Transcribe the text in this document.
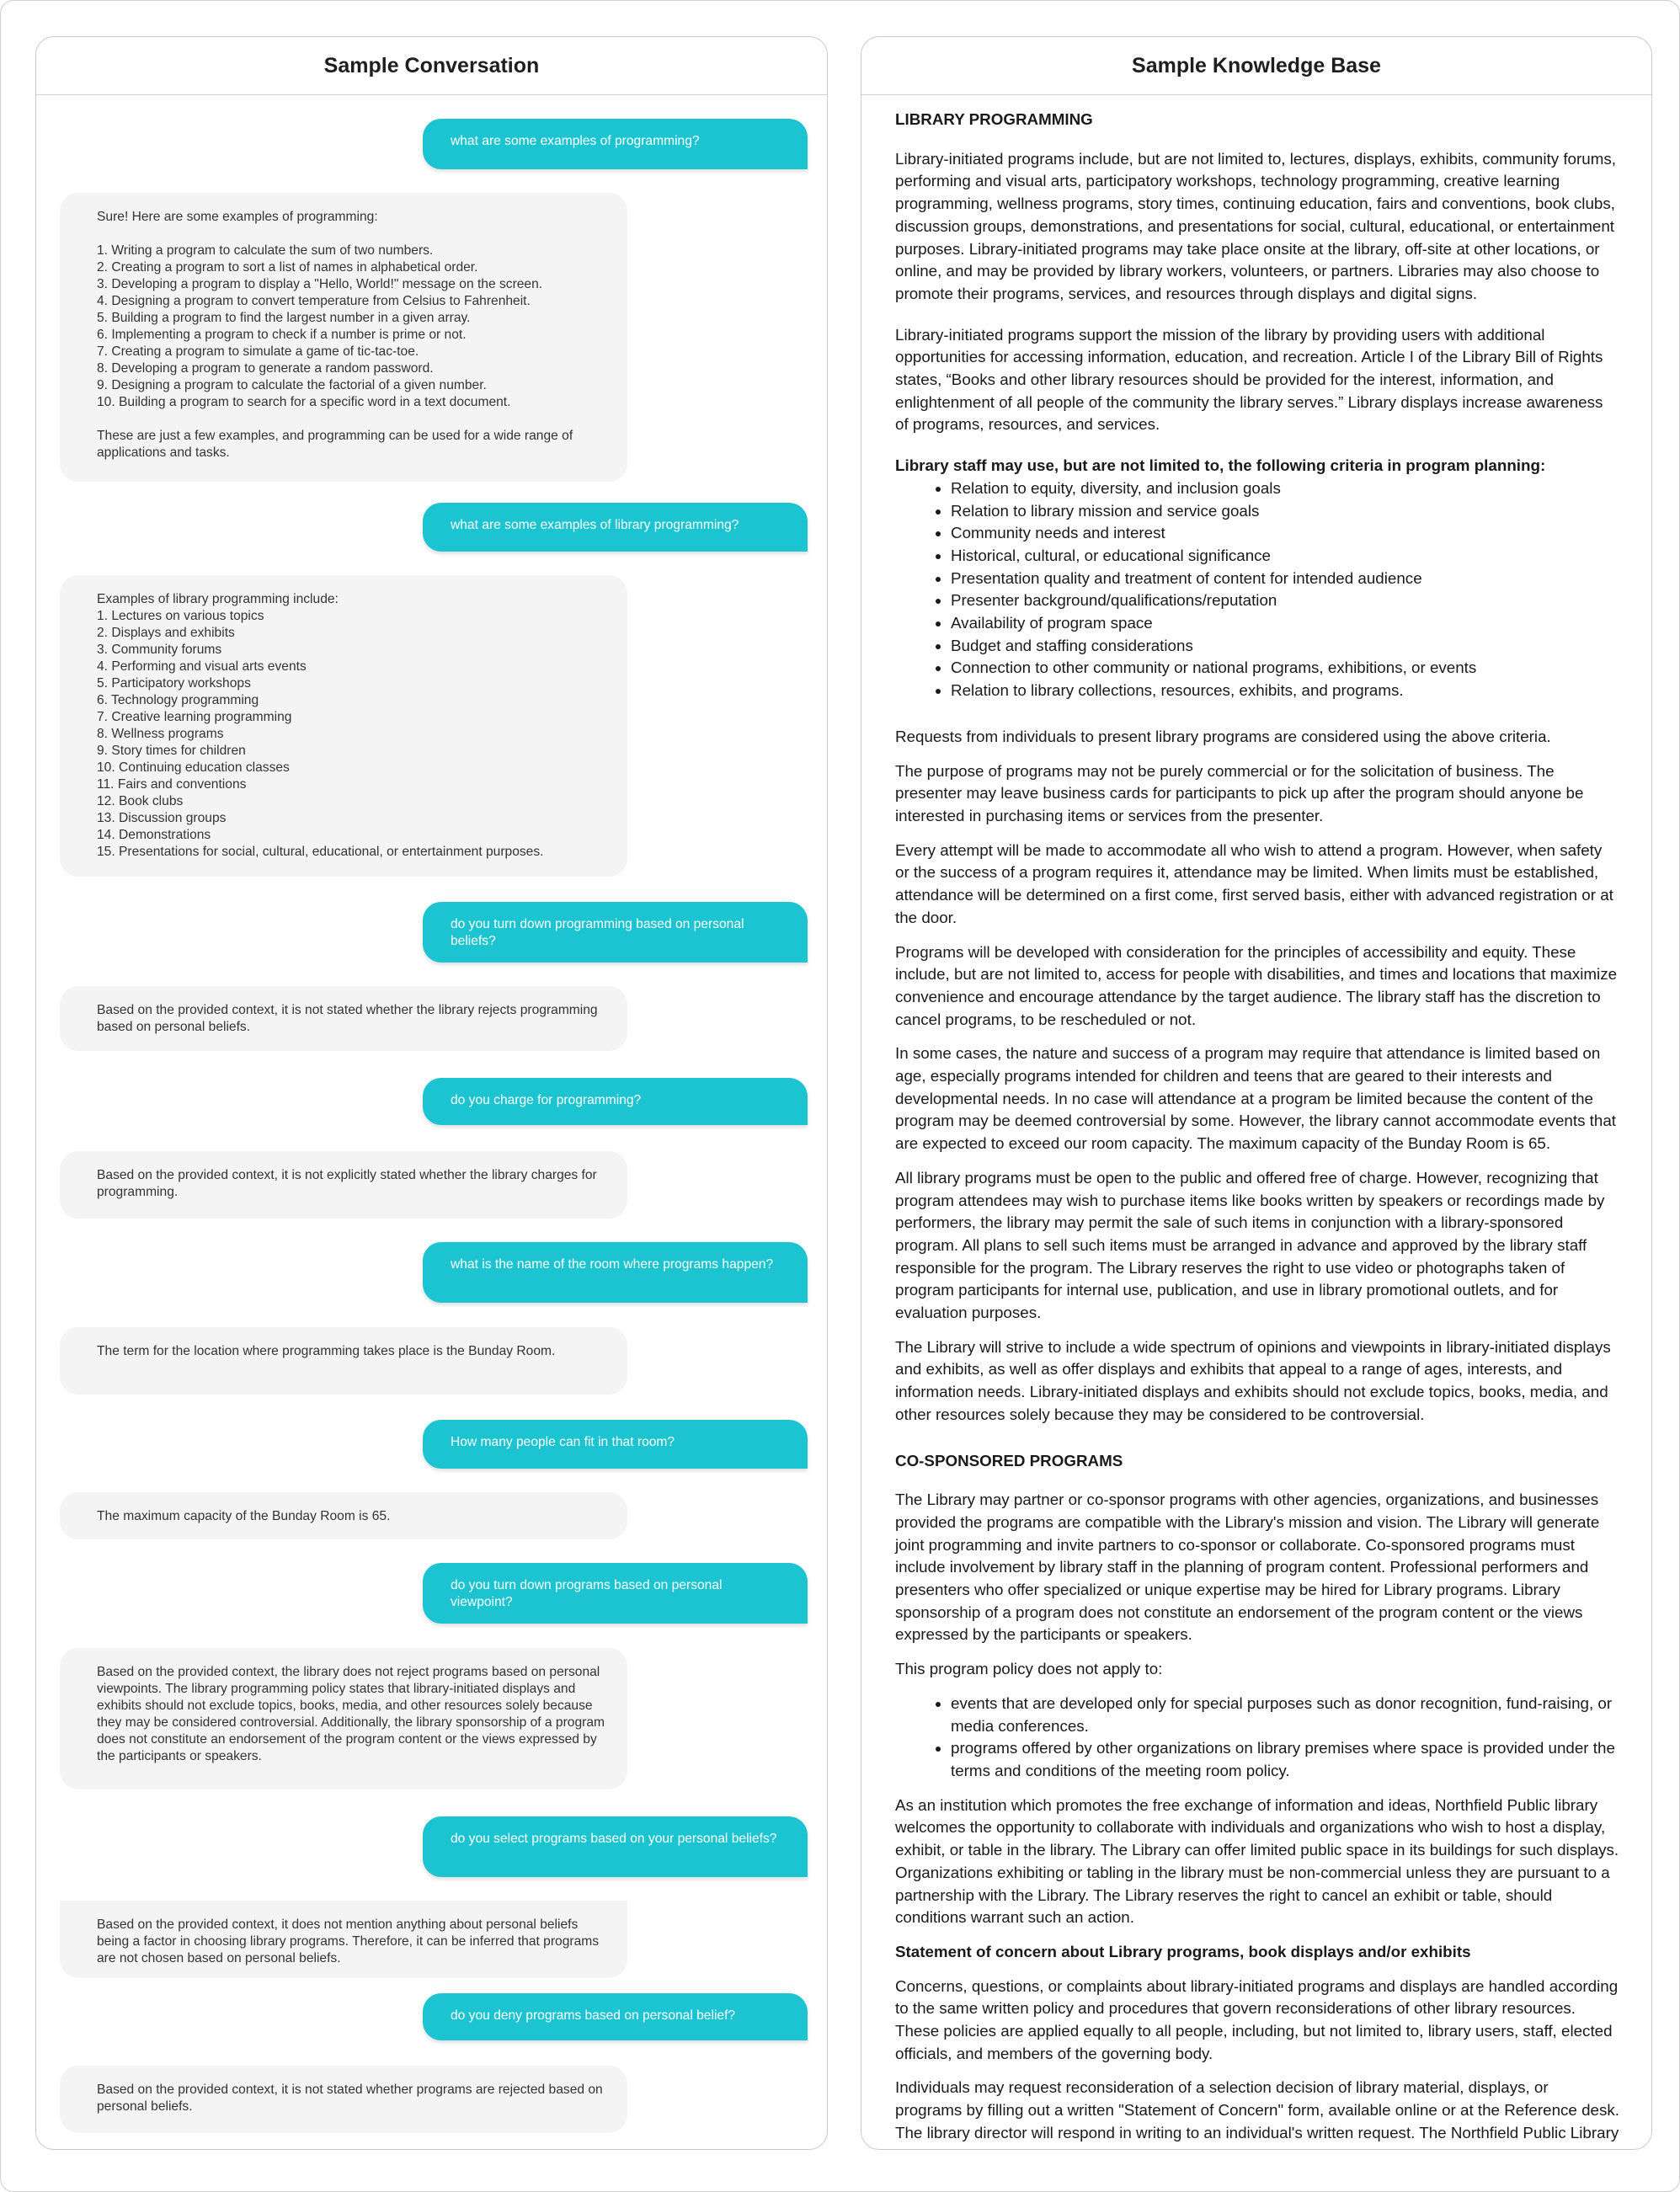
Sample Conversation
what are some examples of programming?
Sure! Here are some examples of programming:

1. Writing a program to calculate the sum of two numbers.
2. Creating a program to sort a list of names in alphabetical order.
3. Developing a program to display a "Hello, World!" message on the screen.
4. Designing a program to convert temperature from Celsius to Fahrenheit.
5. Building a program to find the largest number in a given array.
6. Implementing a program to check if a number is prime or not.
7. Creating a program to simulate a game of tic-tac-toe.
8. Developing a program to generate a random password.
9. Designing a program to calculate the factorial of a given number.
10. Building a program to search for a specific word in a text document.

These are just a few examples, and programming can be used for a wide range of applications and tasks.
what are some examples of library programming?
Examples of library programming include:
1. Lectures on various topics
2. Displays and exhibits
3. Community forums
4. Performing and visual arts events
5. Participatory workshops
6. Technology programming
7. Creative learning programming
8. Wellness programs
9. Story times for children
10. Continuing education classes
11. Fairs and conventions
12. Book clubs
13. Discussion groups
14. Demonstrations
15. Presentations for social, cultural, educational, or entertainment purposes.
do you turn down programming based on personal beliefs?
Based on the provided context, it is not stated whether the library rejects programming based on personal beliefs.
do you charge for programming?
Based on the provided context, it is not explicitly stated whether the library charges for programming.
what is the name of the room where programs happen?
The term for the location where programming takes place is the Bunday Room.
How many people can fit in that room?
The maximum capacity of the Bunday Room is 65.
do you turn down programs based on personal viewpoint?
Based on the provided context, the library does not reject programs based on personal viewpoints. The library programming policy states that library-initiated displays and exhibits should not exclude topics, books, media, and other resources solely because they may be considered controversial. Additionally, the library sponsorship of a program does not constitute an endorsement of the program content or the views expressed by the participants or speakers.
do you select programs based on your personal beliefs?
Based on the provided context, it does not mention anything about personal beliefs being a factor in choosing library programs. Therefore, it can be inferred that programs are not chosen based on personal beliefs.
do you deny programs based on personal belief?
Based on the provided context, it is not stated whether programs are rejected based on personal beliefs.
Sample Knowledge Base
LIBRARY PROGRAMMING

Library-initiated programs include, but are not limited to, lectures, displays, exhibits, community forums, performing and visual arts, participatory workshops, technology programming, creative learning programming, wellness programs, story times, continuing education, fairs and conventions, book clubs, discussion groups, demonstrations, and presentations for social, cultural, educational, or entertainment purposes. Library-initiated programs may take place onsite at the library, off-site at other locations, or online, and may be provided by library workers, volunteers, or partners. Libraries may also choose to promote their programs, services, and resources through displays and digital signs.

Library-initiated programs support the mission of the library by providing users with additional opportunities for accessing information, education, and recreation. Article I of the Library Bill of Rights states, “Books and other library resources should be provided for the interest, information, and enlightenment of all people of the community the library serves.” Library displays increase awareness of programs, resources, and services.

Library staff may use, but are not limited to, the following criteria in program planning:

• Relation to equity, diversity, and inclusion goals
• Relation to library mission and service goals
• Community needs and interest
• Historical, cultural, or educational significance
• Presentation quality and treatment of content for intended audience
• Presenter background/qualifications/reputation
• Availability of program space
• Budget and staffing considerations
• Connection to other community or national programs, exhibitions, or events
• Relation to library collections, resources, exhibits, and programs.

Requests from individuals to present library programs are considered using the above criteria.

The purpose of programs may not be purely commercial or for the solicitation of business. The presenter may leave business cards for participants to pick up after the program should anyone be interested in purchasing items or services from the presenter.

Every attempt will be made to accommodate all who wish to attend a program. However, when safety or the success of a program requires it, attendance may be limited. When limits must be established, attendance will be determined on a first come, first served basis, either with advanced registration or at the door.

Programs will be developed with consideration for the principles of accessibility and equity. These include, but are not limited to, access for people with disabilities, and times and locations that maximize convenience and encourage attendance by the target audience. The library staff has the discretion to cancel programs, to be rescheduled or not.

In some cases, the nature and success of a program may require that attendance is limited based on age, especially programs intended for children and teens that are geared to their interests and developmental needs. In no case will attendance at a program be limited because the content of the program may be deemed controversial by some. However, the library cannot accommodate events that are expected to exceed our room capacity. The maximum capacity of the Bunday Room is 65.

All library programs must be open to the public and offered free of charge. However, recognizing that program attendees may wish to purchase items like books written by speakers or recordings made by performers, the library may permit the sale of such items in conjunction with a library-sponsored program. All plans to sell such items must be arranged in advance and approved by the library staff responsible for the program. The Library reserves the right to use video or photographs taken of program participants for internal use, publication, and use in library promotional outlets, and for evaluation purposes.

The Library will strive to include a wide spectrum of opinions and viewpoints in library-initiated displays and exhibits, as well as offer displays and exhibits that appeal to a range of ages, interests, and information needs. Library-initiated displays and exhibits should not exclude topics, books, media, and other resources solely because they may be considered to be controversial.

CO-SPONSORED PROGRAMS

The Library may partner or co-sponsor programs with other agencies, organizations, and businesses provided the programs are compatible with the Library's mission and vision. The Library will generate joint programming and invite partners to co-sponsor or collaborate. Co-sponsored programs must include involvement by library staff in the planning of program content. Professional performers and presenters who offer specialized or unique expertise may be hired for Library programs. Library sponsorship of a program does not constitute an endorsement of the program content or the views expressed by the participants or speakers.

This program policy does not apply to:

• events that are developed only for special purposes such as donor recognition, fund-raising, or media conferences.
• programs offered by other organizations on library premises where space is provided under the terms and conditions of the meeting room policy.

As an institution which promotes the free exchange of information and ideas, Northfield Public library welcomes the opportunity to collaborate with individuals and organizations who wish to host a display, exhibit, or table in the library. The Library can offer limited public space in its buildings for such displays. Organizations exhibiting or tabling in the library must be non-commercial unless they are pursuant to a partnership with the Library. The Library reserves the right to cancel an exhibit or table, should conditions warrant such an action.

Statement of concern about Library programs, book displays and/or exhibits

Concerns, questions, or complaints about library-initiated programs and displays are handled according to the same written policy and procedures that govern reconsiderations of other library resources. These policies are applied equally to all people, including, but not limited to, library users, staff, elected officials, and members of the governing body.

Individuals may request reconsideration of a selection decision of library material, displays, or programs by filling out a written "Statement of Concern" form, available online or at the Reference desk. The library director will respond in writing to an individual's written request. The Northfield Public Library
